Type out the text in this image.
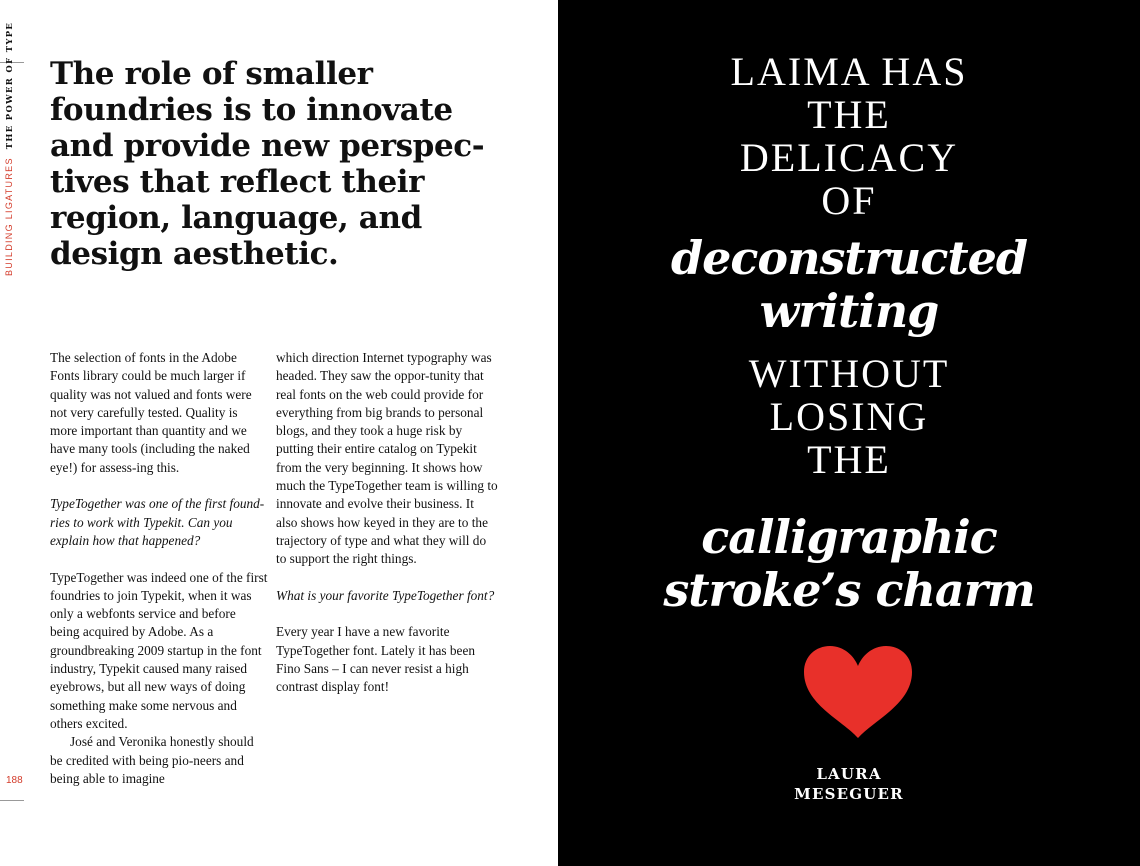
BUILDING LIGATURESTHE POWER OF TYPE The role of smaller foundries is to innovate and provide new perspec-tives that reflect their region, language, and design aesthetic.

The selection of fonts in the Adobe Fonts library could be much larger if quality was not valued and fonts were not very carefully tested. Quality is more important than quantity and we have many tools (including the naked eye!) for assess-ing this.

TypeTogether was one of the first found-ries to work with Typekit. Can you explain how that happened?

TypeTogether was indeed one of the first foundries to join Typekit, when it was only a webfonts service and before being acquired by Adobe. As a groundbreaking 2009 startup in the font industry, Typekit caused many raised eyebrows, but all new ways of doing something make some nervous and others excited.

José and Veronika honestly should be credited with being pio-neers and being able to imagine

which direction Internet typography was headed. They saw the oppor-tunity that real fonts on the web could provide for everything from big brands to personal blogs, and they took a huge risk by putting their entire catalog on Typekit from the very beginning. It shows how much the TypeTogether team is willing to innovate and evolve their business. It also shows how keyed in they are to the trajectory of type and what they will do to support the right things.

What is your favorite TypeTogether font?

Every year I have a new favorite TypeTogether font. Lately it has been Fino Sans – I can never resist a high contrast display font!

188
LAIMA HAS
THE
DELICACY
OF
deconstructed
writing
WITHOUT
LOSING
THE
calligraphic
stroke’s charm
LAURA
MESEGUER
